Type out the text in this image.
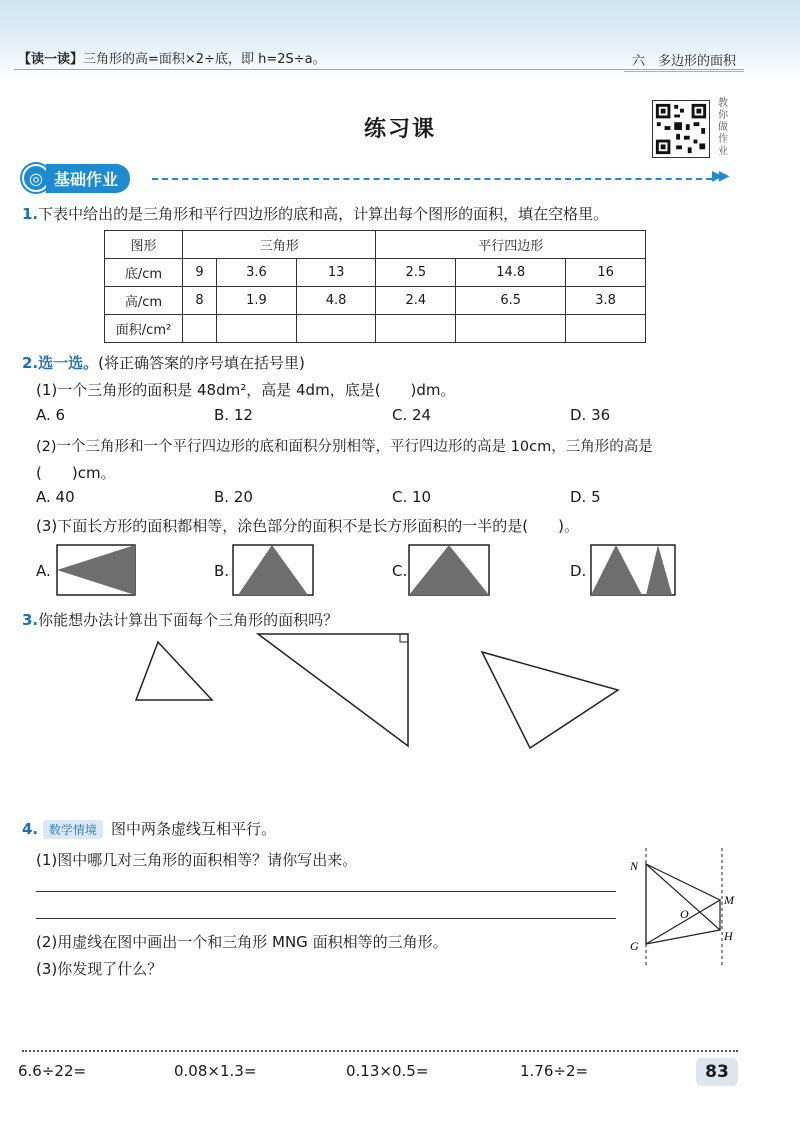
【读一读】三角形的高=面积×2÷底，即 h=2S÷a。	六　多边形的面积
练习课
教你做作业
◎ 基础作业	▶▶
1.下表中给出的是三角形和平行四边形的底和高，计算出每个图形的面积，填在空格里。
图形	三角形			平行四边形		
底/cm	9	3.6	13	2.5	14.8	16
高/cm	8	1.9	4.8	2.4	6.5	3.8
面积/cm²						
2.选一选。(将正确答案的序号填在括号里)
(1)一个三角形的面积是 48dm²，高是 4dm，底是(　　)dm。
A. 6	B. 12	C. 24	D. 36
(2)一个三角形和一个平行四边形的底和面积分别相等，平行四边形的高是 10cm，三角形的高是
(　　)cm。
A. 40	B. 20	C. 10	D. 5
(3)下面长方形的面积都相等，涂色部分的面积不是长方形面积的一半的是(　　)。
A.	B.	C.	D.
3.你能想办法计算出下面每个三角形的面积吗？
4. 数学情境 图中两条虚线互相平行。
(1)图中哪几对三角形的面积相等？请你写出来。
(2)用虚线在图中画出一个和三角形 MNG 面积相等的三角形。
(3)你发现了什么？
N
M
O
H
G
6.6÷22=	0.08×1.3=	0.13×0.5=	1.76÷2=	83
